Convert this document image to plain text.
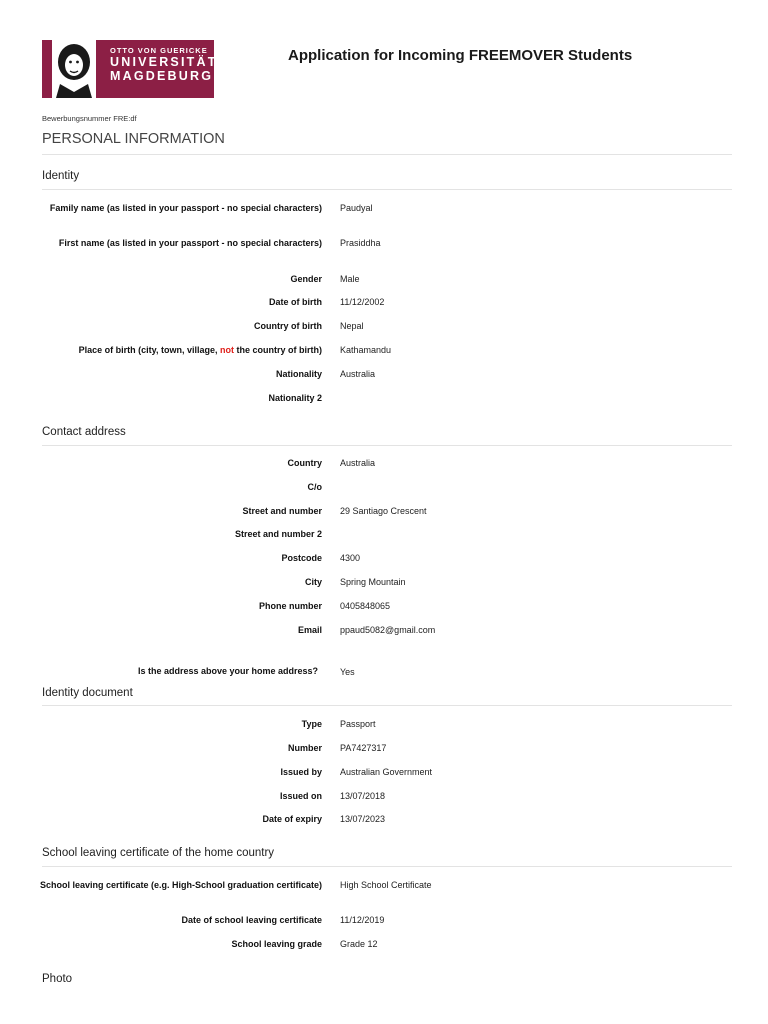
OTTO VON GUERICKE
UNIVERSITÄT
MAGDEBURG
Application for Incoming FREEMOVER Students
Bewerbungsnummer FRE:df
PERSONAL INFORMATION
Identity
Family name (as listed in your passport - no special characters) Paudyal
First name (as listed in your passport - no special characters) Prasiddha
Gender Male
Date of birth 11/12/2002
Country of birth Nepal
Place of birth (city, town, village, not the country of birth) Kathamandu
Nationality Australia
Nationality 2
Contact address
Country Australia
C/o
Street and number 29 Santiago Crescent
Street and number 2
Postcode 4300
City Spring Mountain
Phone number 0405848065
Email ppaud5082@gmail.com
Is the address above your home address? Yes
Identity document
Type Passport
Number PA7427317
Issued by Australian Government
Issued on 13/07/2018
Date of expiry 13/07/2023
School leaving certificate of the home country
School leaving certificate (e.g. High-School graduation certificate) High School Certificate
Date of school leaving certificate 11/12/2019
School leaving grade Grade 12
Photo
